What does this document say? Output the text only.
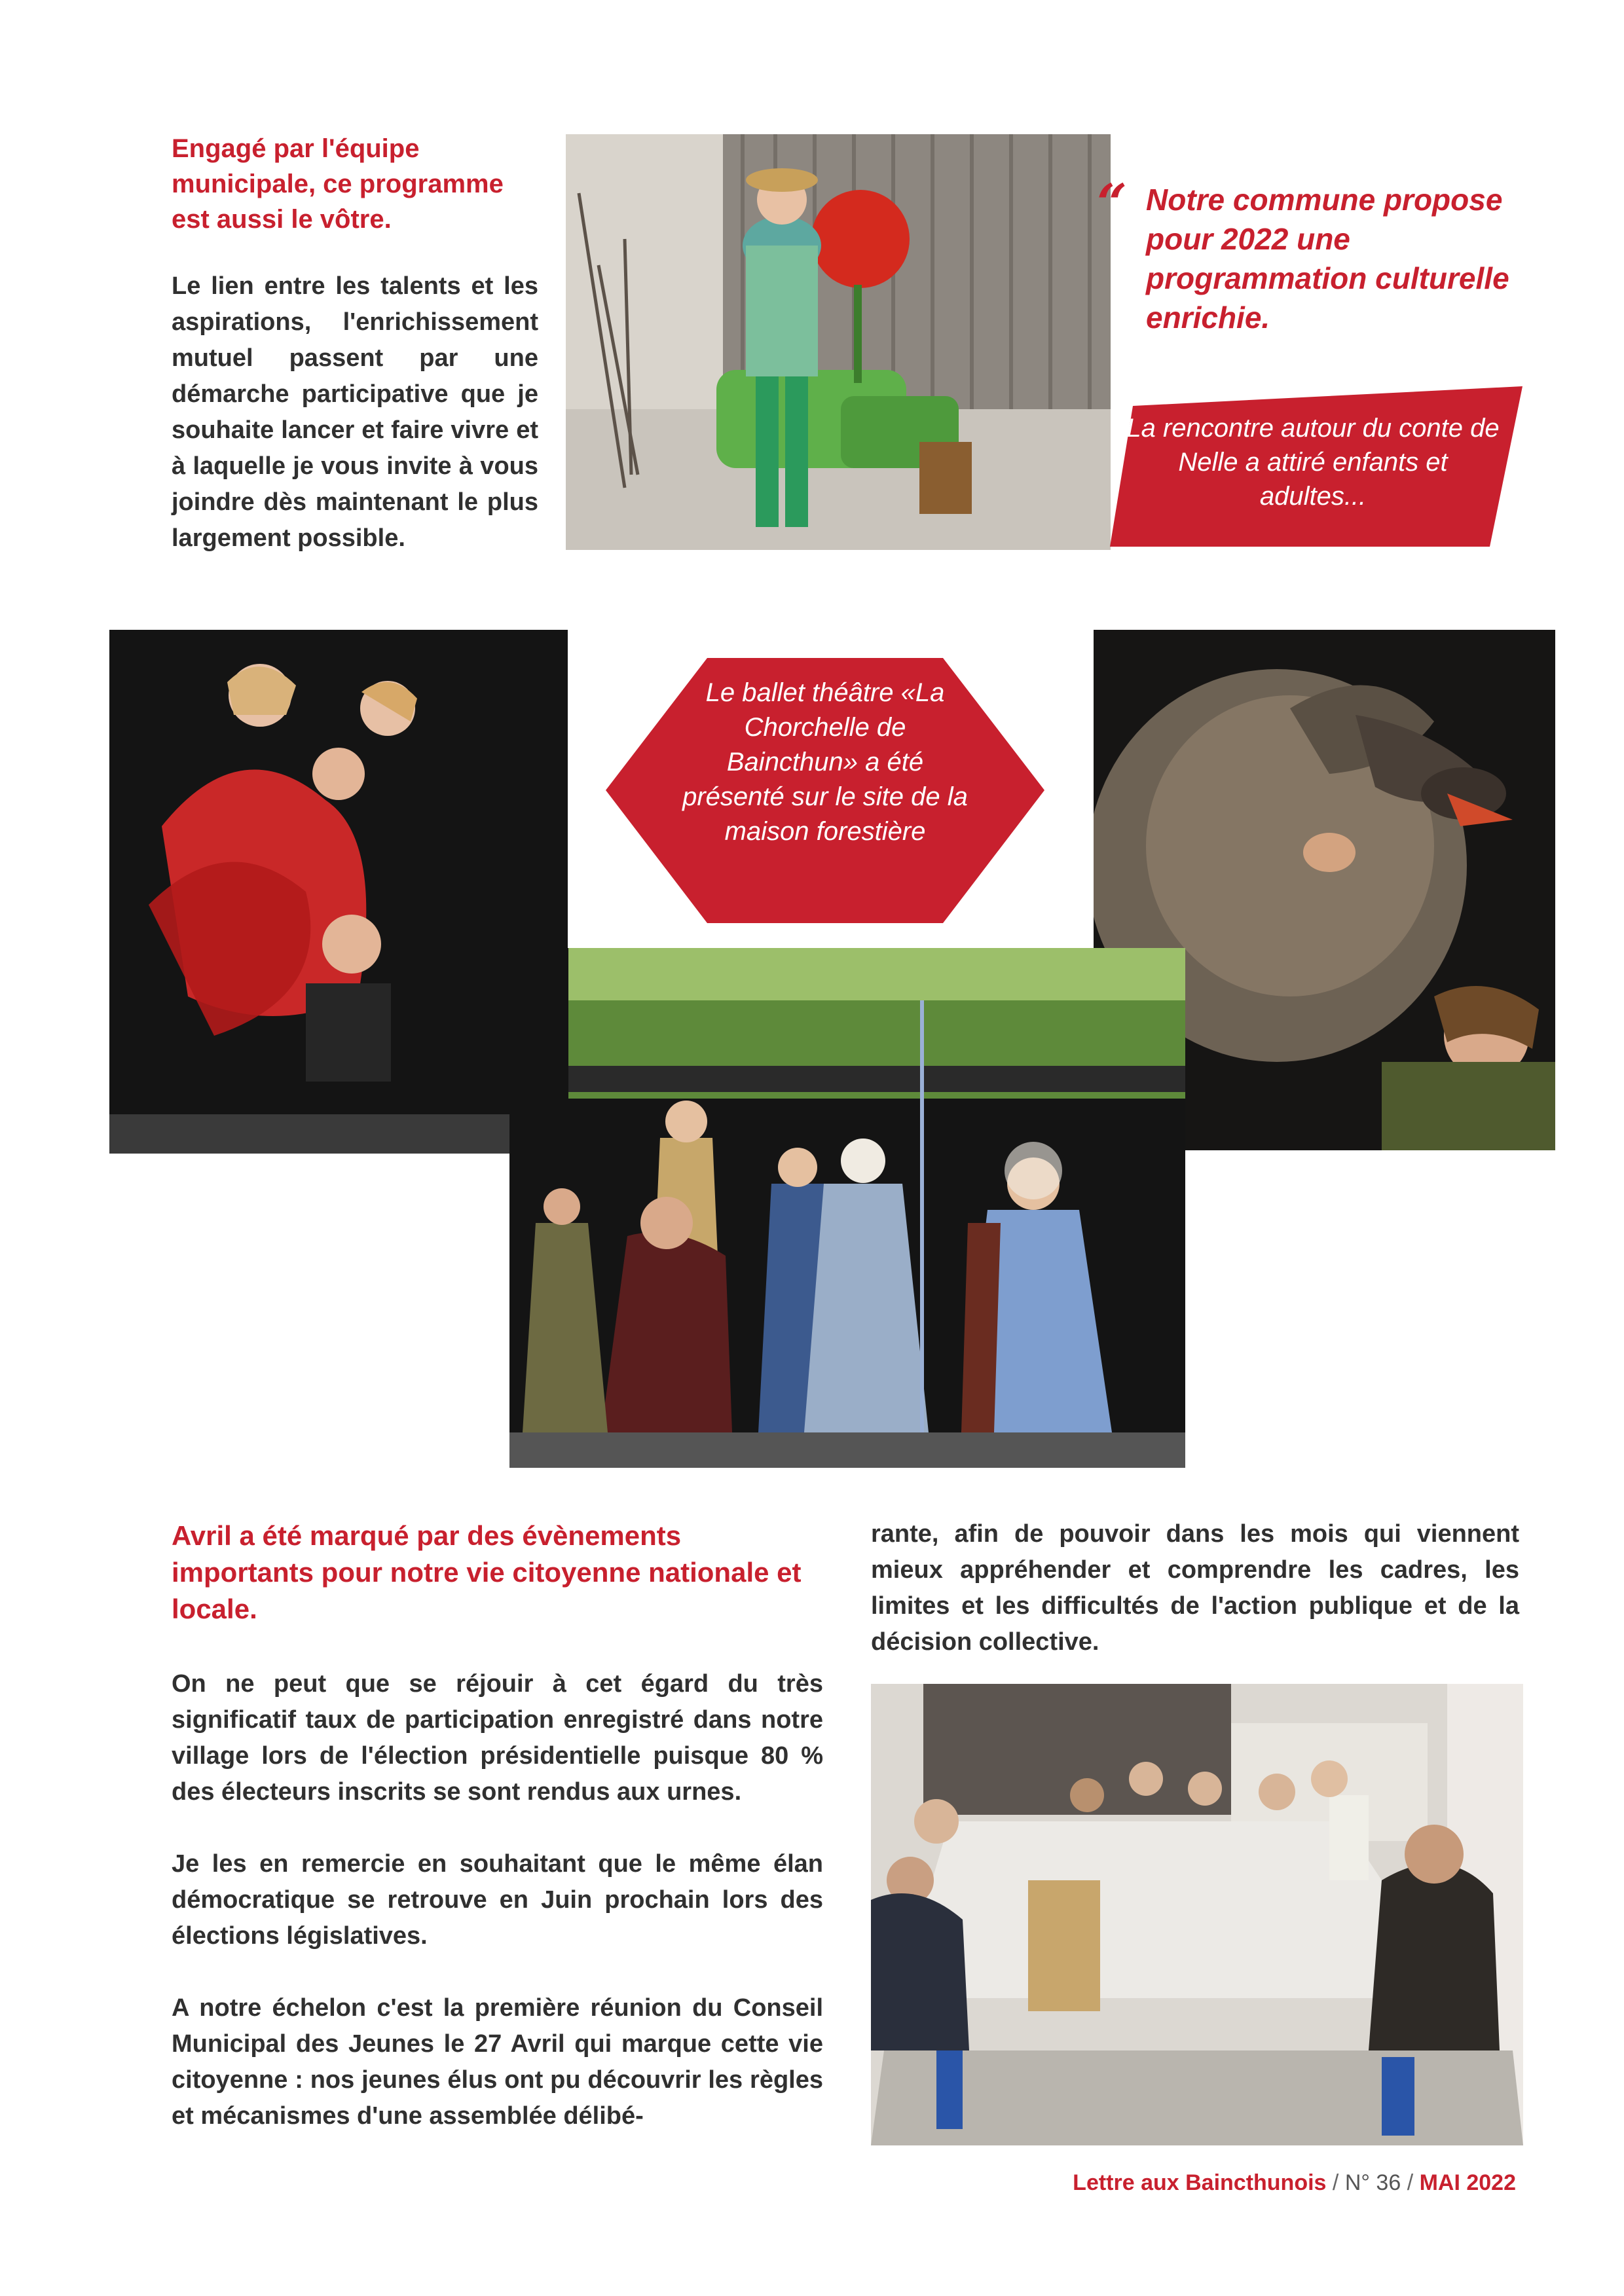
Engagé par l'équipe municipale, ce programme est aussi le vôtre.

Le lien entre les talents et les aspirations, l'enrichissement mutuel passent par une démarche participative que je souhaite lancer et faire vivre et à laquelle je vous invite à vous joindre dès maintenant le plus largement possible.

“ Notre commune propose pour 2022 une programmation culturelle enrichie.
La rencontre autour du conte de Nelle a attiré enfants et adultes...
Le ballet théâtre «La Chorchelle de Baincthun» a été présenté sur le site de la maison forestière
Avril a été marqué par des évènements importants pour notre vie citoyenne nationale et locale.

On ne peut que se réjouir à cet égard du très significatif taux de participation enregistré dans notre village lors de l'élection présidentielle puisque 80 % des électeurs inscrits se sont rendus aux urnes.

Je les en remercie en souhaitant que le même élan démocratique se retrouve en Juin prochain lors des élections législatives.

A notre échelon c'est la première réunion du Conseil Municipal des Jeunes le 27 Avril qui marque cette vie citoyenne : nos jeunes élus ont pu découvrir les règles et mécanismes d'une assemblée délibé-

rante, afin de pouvoir dans les mois qui viennent mieux appréhender et comprendre les cadres, les limites et les difficultés de l'action publique et de la décision collective.

Lettre aux Baincthunois / N° 36 / MAI 2022
